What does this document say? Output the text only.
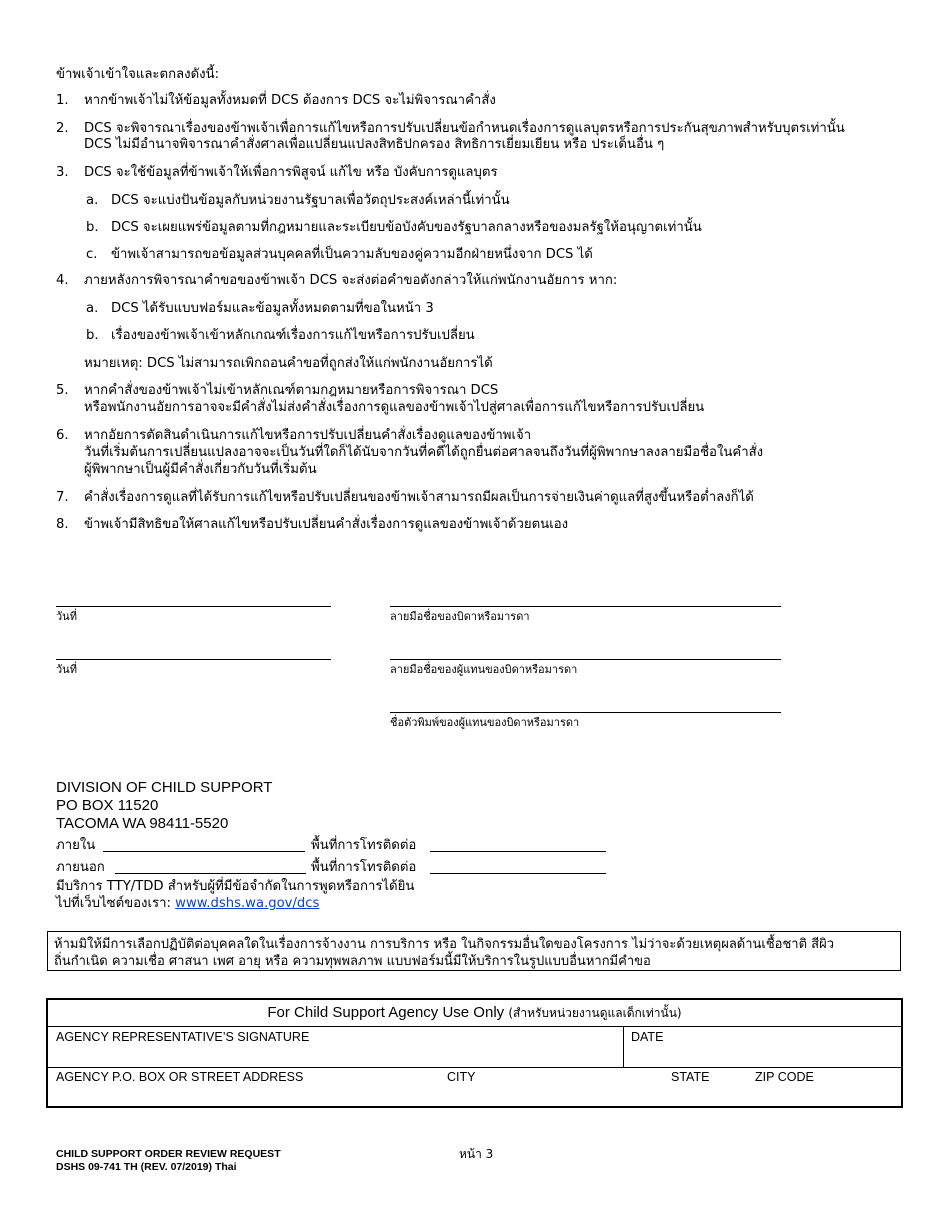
ข้าพเจ้าเข้าใจและตกลงดังนี้:
1. หากข้าพเจ้าไม่ให้ข้อมูลทั้งหมดที่ DCS ต้องการ DCS จะไม่พิจารณาคำสั่ง
2. DCS จะพิจารณาเรื่องของข้าพเจ้าเพื่อการแก้ไขหรือการปรับเปลี่ยนข้อกำหนดเรื่องการดูแลบุตรหรือการประกันสุขภาพสำหรับบุตรเท่านั้น
DCS ไม่มีอำนาจพิจารณาคำสั่งศาลเพื่อแปลี่ยนแปลงสิทธิปกครอง สิทธิการเยี่ยมเยียน หรือ ประเด็นอื่น ๆ
3. DCS จะใช้ข้อมูลที่ข้าพเจ้าให้เพื่อการพิสูจน์ แก้ไข หรือ บังคับการดูแลบุตร
a. DCS จะแบ่งปันข้อมูลกับหน่วยงานรัฐบาลเพื่อวัตถุประสงค์เหล่านี้เท่านั้น
b. DCS จะเผยแพร่ข้อมูลตามที่กฎหมายและระเบียบข้อบังคับของรัฐบาลกลางหรือของมลรัฐให้อนุญาตเท่านั้น
c. ข้าพเจ้าสามารถขอข้อมูลส่วนบุคคลที่เป็นความลับของคู่ความอีกฝ่ายหนึ่งจาก DCS ได้
4. ภายหลังการพิจารณาคำขอของข้าพเจ้า DCS จะส่งต่อคำขอดังกล่าวให้แก่พนักงานอัยการ หาก:
a. DCS ได้รับแบบฟอร์มและข้อมูลทั้งหมดตามที่ขอในหน้า 3
b. เรื่องของข้าพเจ้าเข้าหลักเกณฑ์เรื่องการแก้ไขหรือการปรับเปลี่ยน
หมายเหตุ: DCS ไม่สามารถเพิกถอนคำขอที่ถูกส่งให้แก่พนักงานอัยการได้
5. หากคำสั่งของข้าพเจ้าไม่เข้าหลักเณฑ์ตามกฎหมายหรือการพิจารณา DCS
หรือพนักงานอัยการอาจจะมีคำสั่งไม่ส่งคำสั่งเรื่องการดูแลของข้าพเจ้าไปสู่ศาลเพื่อการแก้ไขหรือการปรับเปลี่ยน
6. หากอัยการตัดสินดำเนินการแก้ไขหรือการปรับเปลี่ยนคำสั่งเรื่องดูแลของข้าพเจ้า
วันที่เริ่มต้นการเปลี่ยนแปลงอาจจะเป็นวันที่ใดก็ได้นับจากวันที่คดีได้ถูกยื่นต่อศาลจนถึงวันที่ผู้พิพากษาลงลายมือชื่อในคำสั่ง
ผู้พิพากษาเป็นผู้มีคำสั่งเกี่ยวกับวันที่เริ่มต้น
7. คำสั่งเรื่องการดูแลที่ได้รับการแก้ไขหรือปรับเปลี่ยนของข้าพเจ้าสามารถมีผลเป็นการจ่ายเงินค่าดูแลที่สูงขึ้นหรือต่ำลงก็ได้
8. ข้าพเจ้ามีสิทธิขอให้ศาลแก้ไขหรือปรับเปลี่ยนคำสั่งเรื่องการดูแลของข้าพเจ้าด้วยตนเอง
วันที่	ลายมือชื่อของบิดาหรือมารดา
วันที่	ลายมือชื่อของผู้แทนของบิดาหรือมารดา
ชื่อตัวพิมพ์ของผู้แทนของบิดาหรือมารดา
DIVISION OF CHILD SUPPORT
PO BOX 11520
TACOMA WA 98411-5520
ภายใน	พื้นที่การโทรติดต่อ
ภายนอก	พื้นที่การโทรติดต่อ
มีบริการ TTY/TDD สำหรับผู้ที่มีข้อจำกัดในการพูดหรือการได้ยิน
ไปที่เว็บไซต์ของเรา: www.dshs.wa.gov/dcs
ห้ามมิให้มีการเลือกปฏิบัติต่อบุคคลใดในเรื่องการจ้างงาน การบริการ หรือ ในกิจกรรมอื่นใดของโครงการ ไม่ว่าจะด้วยเหตุผลด้านเชื้อชาติ สีผิว
ถิ่นกำเนิด ความเชื่อ ศาสนา เพศ อายุ หรือ ความทุพพลภาพ แบบฟอร์มนี้มีให้บริการในรูปแบบอื่นหากมีคำขอ
For Child Support Agency Use Only (สำหรับหน่วยงานดูแลเด็กเท่านั้น)
AGENCY REPRESENTATIVE’S SIGNATURE	DATE
AGENCY P.O. BOX OR STREET ADDRESS	CITY	STATE	ZIP CODE
CHILD SUPPORT ORDER REVIEW REQUEST
DSHS 09-741 TH (REV. 07/2019) Thai
หน้า 3
